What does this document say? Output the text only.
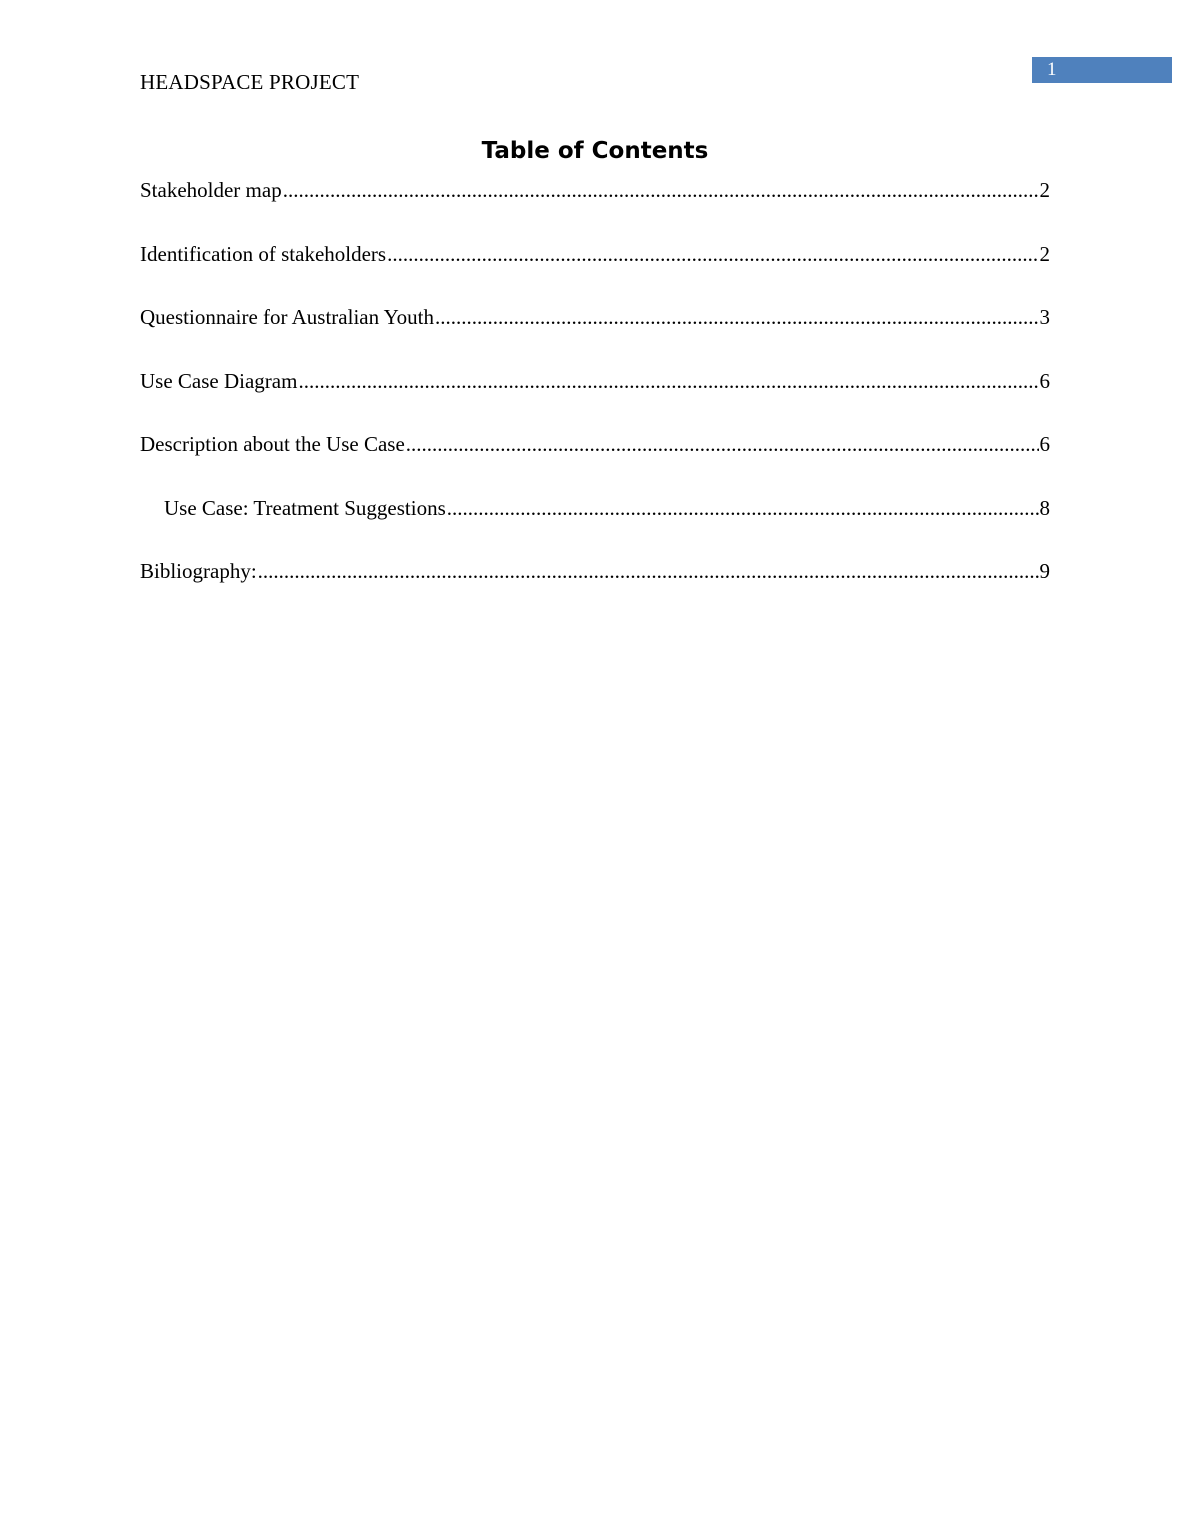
HEADSPACE PROJECT
1
Table of Contents
Stakeholder map .....	2
Identification of stakeholders .....	2
Questionnaire for Australian Youth .....	3
Use Case Diagram .....	6
Description about the Use Case .....	6
Use Case: Treatment Suggestions .....	8
Bibliography: .....	9
